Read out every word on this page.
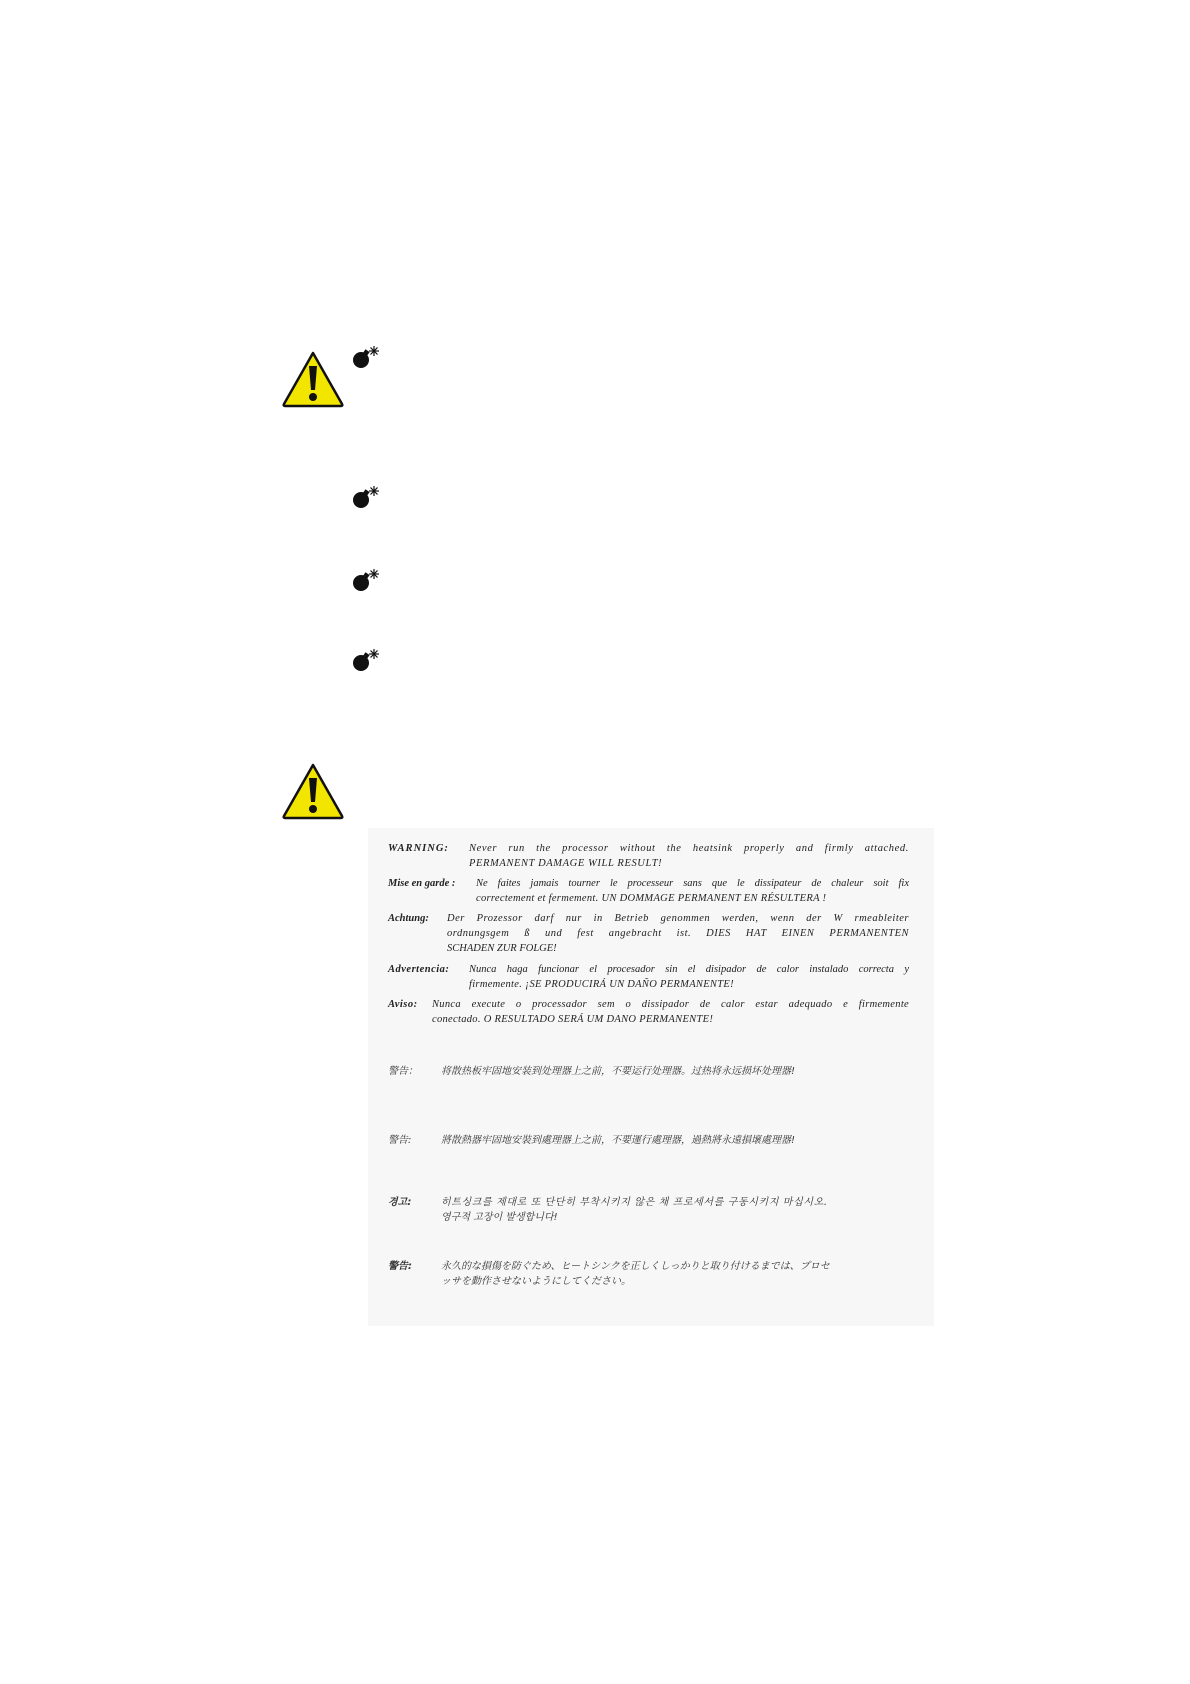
WARNING: Never run the processor without the heatsink properly and firmly attached.
PERMANENT DAMAGE WILL RESULT!
Mise en garde : Ne faites jamais tourner le processeur sans que le dissipateur de chaleur soit fix
correctement et fermement. UN DOMMAGE PERMANENT EN RÉSULTERA !
Achtung: Der Prozessor darf nur in Betrieb genommen werden, wenn der W rmeableiter
ordnungsgem ß und fest angebracht ist. DIES HAT EINEN PERMANENTEN
SCHADEN ZUR FOLGE!
Advertencia: Nunca haga funcionar el procesador sin el disipador de calor instalado correcta y
firmemente. ¡SE PRODUCIRÁ UN DAÑO PERMANENTE!
Aviso: Nunca execute o processador sem o dissipador de calor estar adequado e firmemente
conectado. O RESULTADO SERÁ UM DANO PERMANENTE!
警告： 将散热板牢固地安装到处理器上之前，不要运行处理器。过热将永远损坏处理器!
警告:	將散熱器牢固地安裝到處理器上之前，不要運行處理器，過熱將永遠損壞處理器!
경고:	히트싱크를 제대로 또 단단히 부착시키지 않은 채 프로세서를 구동시키지 마십시오.
영구적 고장이 발생합니다!
警告:	永久的な損傷を防ぐため、ヒートシンクを正しくしっかりと取り付けるまでは、プロセ
ッサを動作させないようにしてください。
